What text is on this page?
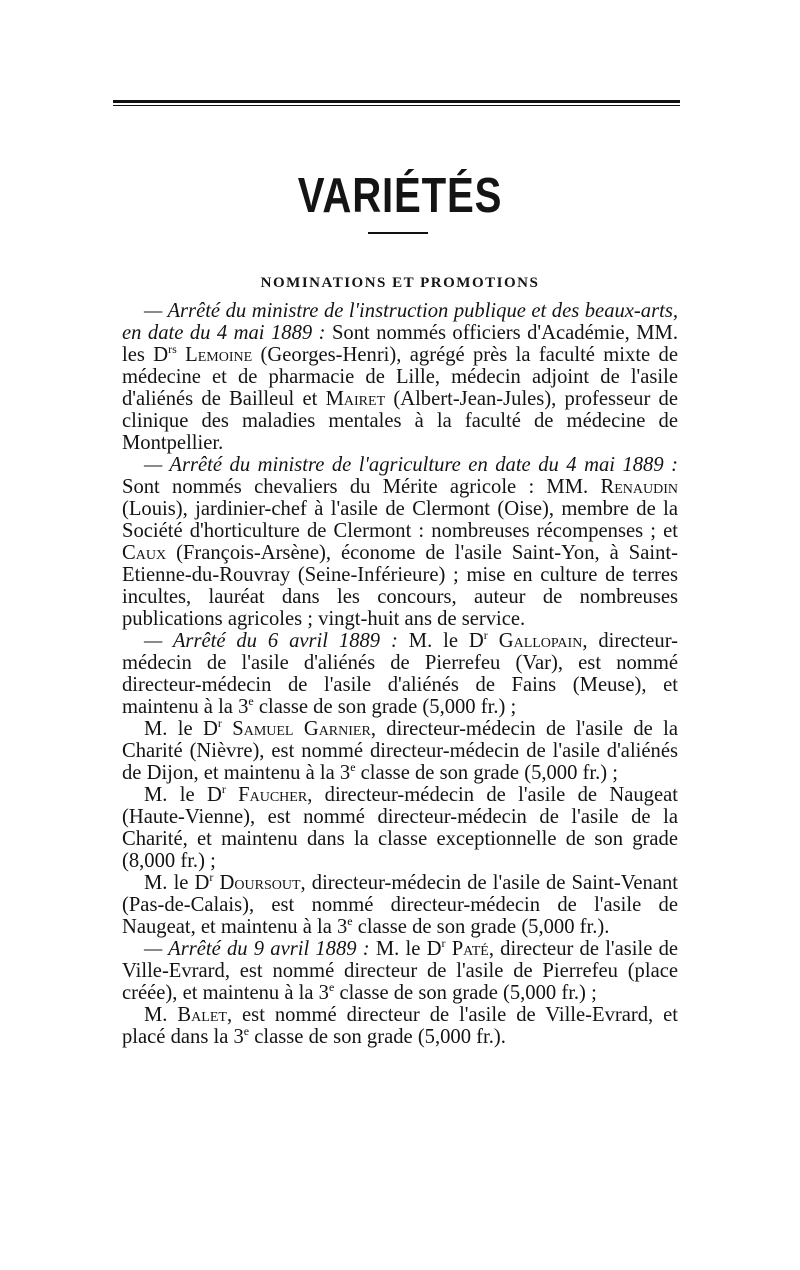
VARIÉTÉS
NOMINATIONS ET PROMOTIONS

— Arrêté du ministre de l'instruction publique et des beaux-arts, en date du 4 mai 1889 : Sont nommés officiers d'Académie, MM. les $D^{rs}$ Lemoine (Georges-Henri), agrégé près la faculté mixte de médecine et de pharmacie de Lille, médecin adjoint de l'asile d'aliénés de Bailleul et Mairet (Albert-Jean-Jules), professeur de clinique des maladies mentales à la faculté de médecine de Montpellier.

— Arrêté du ministre de l'agriculture en date du 4 mai 1889 : Sont nommés chevaliers du Mérite agricole : MM. Renaudin (Louis), jardinier-chef à l'asile de Clermont (Oise), membre de la Société d'horticulture de Clermont : nombreuses récompenses ; et Caux (François-Arsène), économe de l'asile Saint-Yon, à Saint-Etienne-du-Rouvray (Seine-Inférieure) ; mise en culture de terres incultes, lauréat dans les concours, auteur de nombreuses publications agricoles ; vingt-huit ans de service.

— Arrêté du 6 avril 1889 : M. le $D^r$ Gallopain, directeur-médecin de l'asile d'aliénés de Pierrefeu (Var), est nommé directeur-médecin de l'asile d'aliénés de Fains (Meuse), et maintenu à la 3e classe de son grade (5,000 fr.) ;

M. le $D^r$ Samuel Garnier, directeur-médecin de l'asile de la Charité (Nièvre), est nommé directeur-médecin de l'asile d'aliénés de Dijon, et maintenu à la 3e classe de son grade (5,000 fr.) ;

M. le $D^r$ Faucher, directeur-médecin de l'asile de Naugeat (Haute-Vienne), est nommé directeur-médecin de l'asile de la Charité, et maintenu dans la classe exceptionnelle de son grade (8,000 fr.) ;

M. le $D^r$ Doursout, directeur-médecin de l'asile de Saint-Venant (Pas-de-Calais), est nommé directeur-médecin de l'asile de Naugeat, et maintenu à la 3e classe de son grade (5,000 fr.).

— Arrêté du 9 avril 1889 : M. le $D^r$ Paté, directeur de l'asile de Ville-Evrard, est nommé directeur de l'asile de Pierrefeu (place créée), et maintenu à la 3e classe de son grade (5,000 fr.) ;

M. Balet, est nommé directeur de l'asile de Ville-Evrard, et placé dans la 3e classe de son grade (5,000 fr.).
